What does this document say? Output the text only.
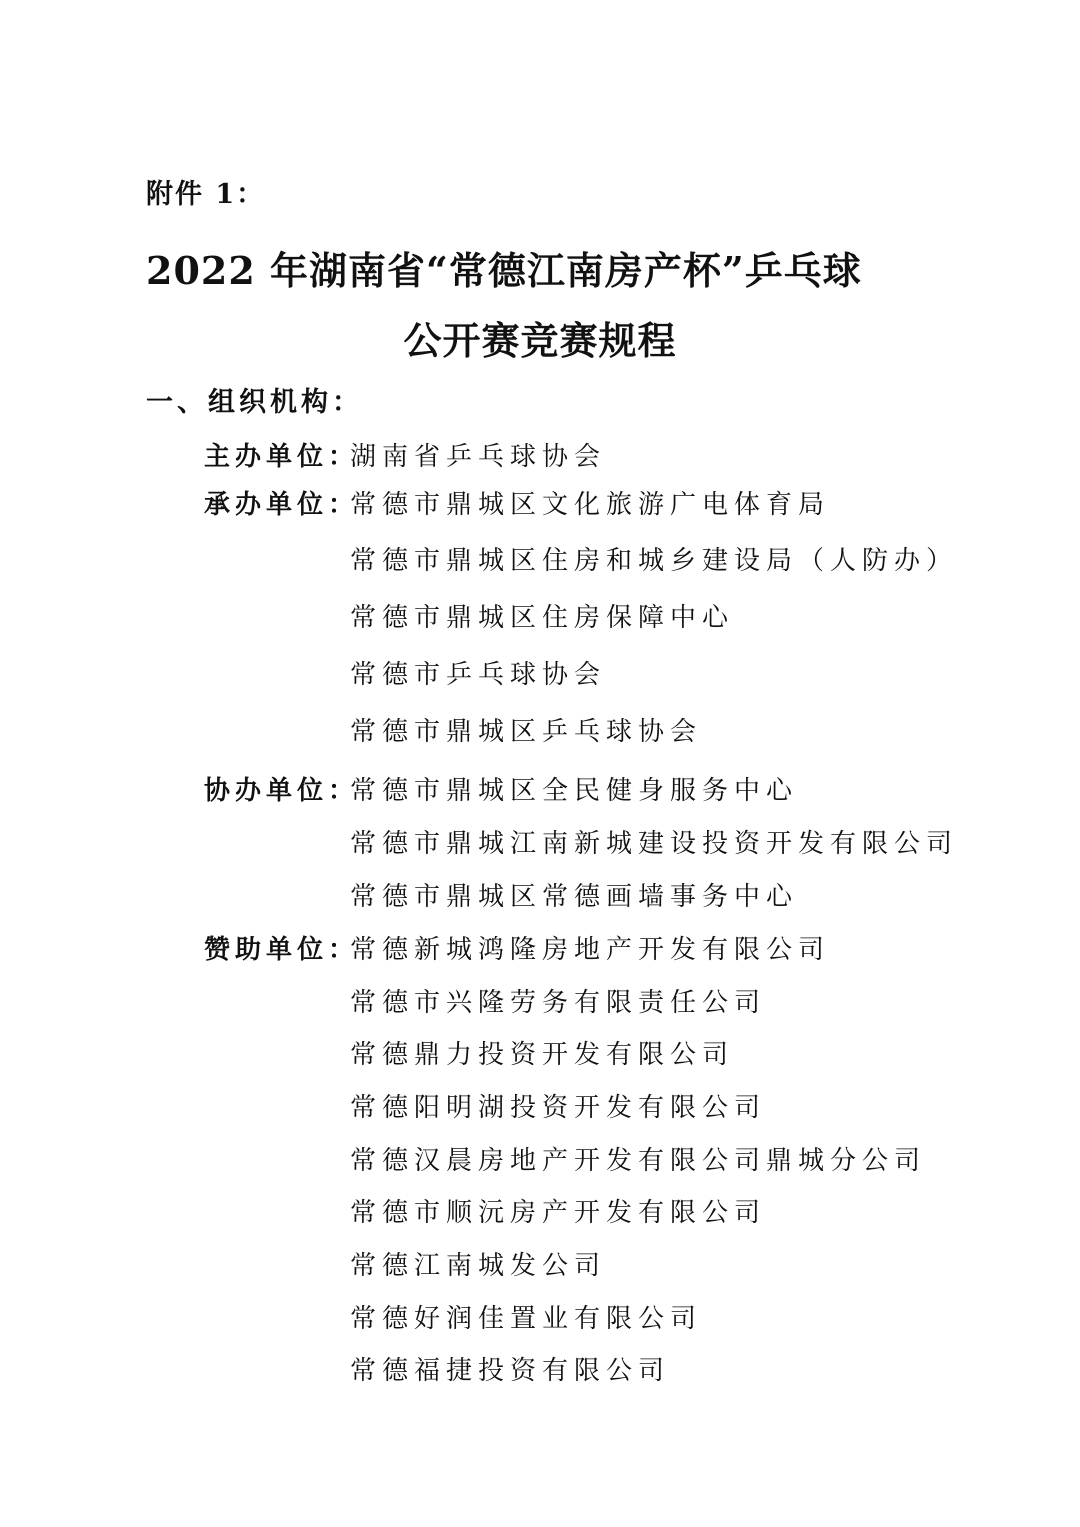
附件 1：
2022 年湖南省“常德江南房产杯”乒乓球
公开赛竞赛规程
一、组织机构：
主办单位：
湖南省乒乓球协会
承办单位：
常德市鼎城区文化旅游广电体育局
常德市鼎城区住房和城乡建设局（人防办）
常德市鼎城区住房保障中心
常德市乒乓球协会
常德市鼎城区乒乓球协会
协办单位：
常德市鼎城区全民健身服务中心
常德市鼎城江南新城建设投资开发有限公司
常德市鼎城区常德画墙事务中心
赞助单位：
常德新城鸿隆房地产开发有限公司
常德市兴隆劳务有限责任公司
常德鼎力投资开发有限公司
常德阳明湖投资开发有限公司
常德汉晨房地产开发有限公司鼎城分公司
常德市顺沅房产开发有限公司
常德江南城发公司
常德好润佳置业有限公司
常德福捷投资有限公司
